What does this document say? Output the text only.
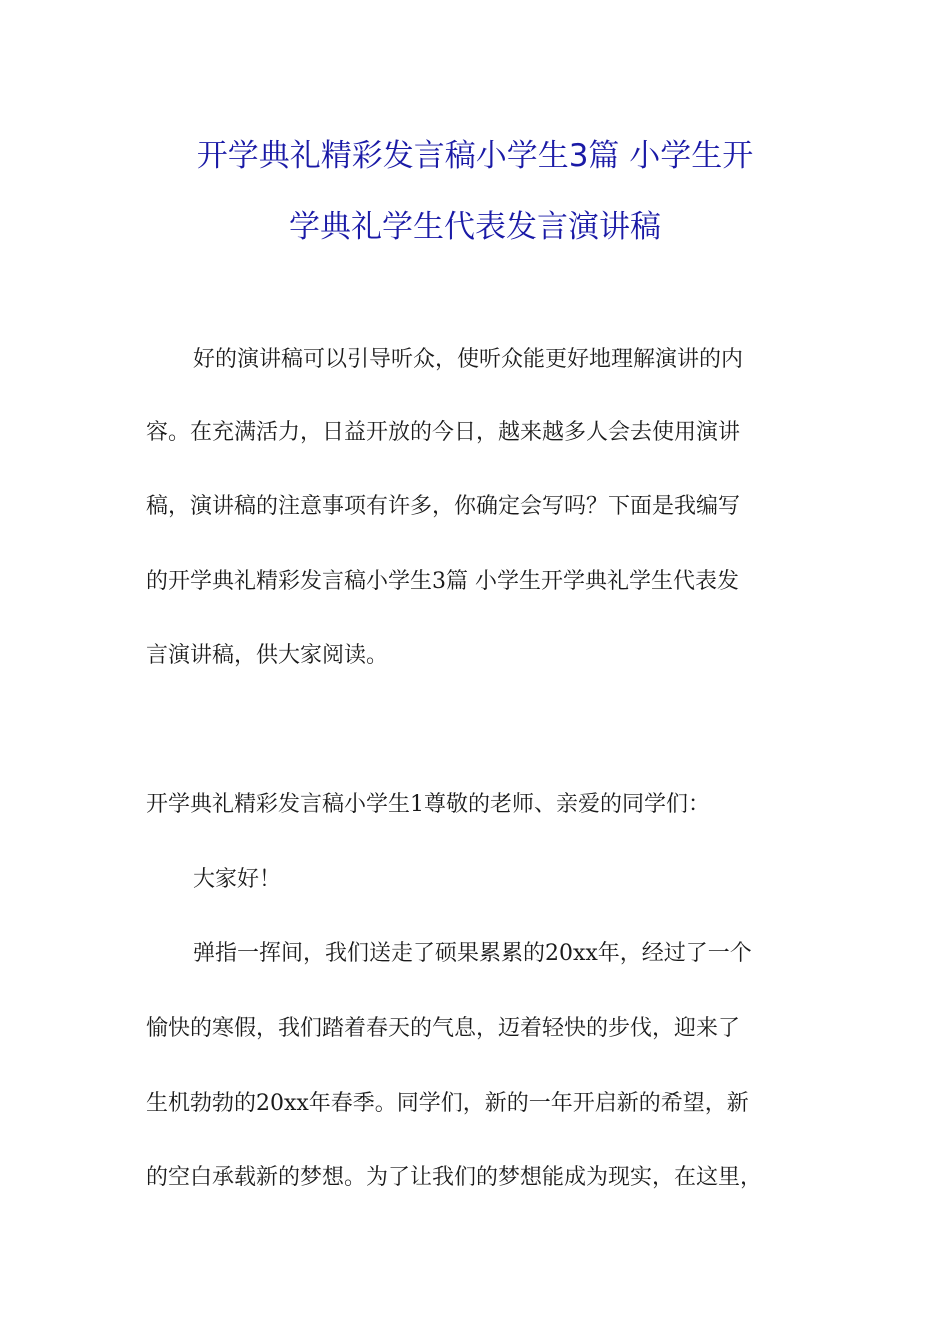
开学典礼精彩发言稿小学生3篇 小学生开
学典礼学生代表发言演讲稿
好的演讲稿可以引导听众，使听众能更好地理解演讲的内
容。在充满活力，日益开放的今日，越来越多人会去使用演讲
稿，演讲稿的注意事项有许多，你确定会写吗？下面是我编写
的开学典礼精彩发言稿小学生3篇 小学生开学典礼学生代表发
言演讲稿，供大家阅读。
开学典礼精彩发言稿小学生1尊敬的老师、亲爱的同学们：
大家好！
弹指一挥间，我们送走了硕果累累的20xx年，经过了一个
愉快的寒假，我们踏着春天的气息，迈着轻快的步伐，迎来了
生机勃勃的20xx年春季。同学们，新的一年开启新的希望，新
的空白承载新的梦想。为了让我们的梦想能成为现实，在这里，
